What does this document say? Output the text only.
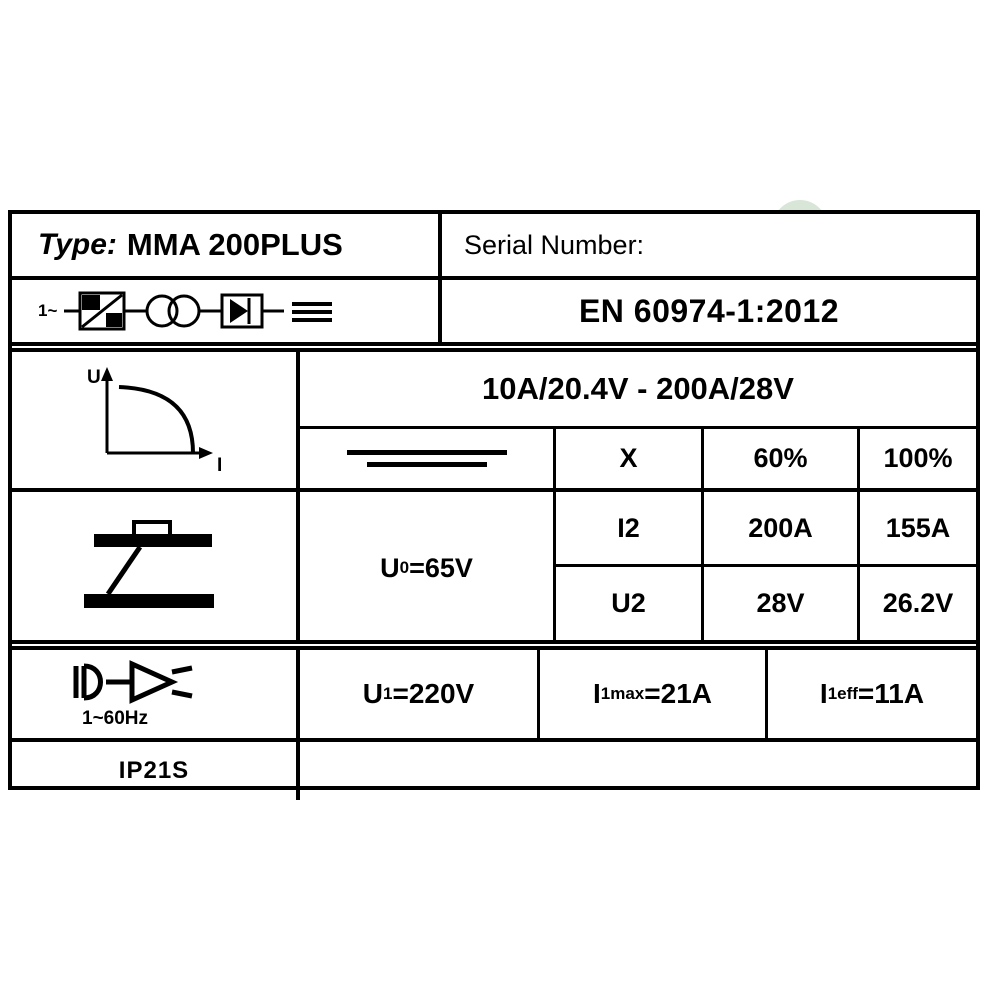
Type: MMA 200PLUS	Serial Number:
1~	EN 60974-1:2012
U
I
10A/20.4V - 200A/28V
X	60%	100%
U 0 =65V
I2	200A	155A
U2	28V	26.2V
1~60Hz
U 1 =220V	I 1max =21A	I 1eff =11A
IP21S
